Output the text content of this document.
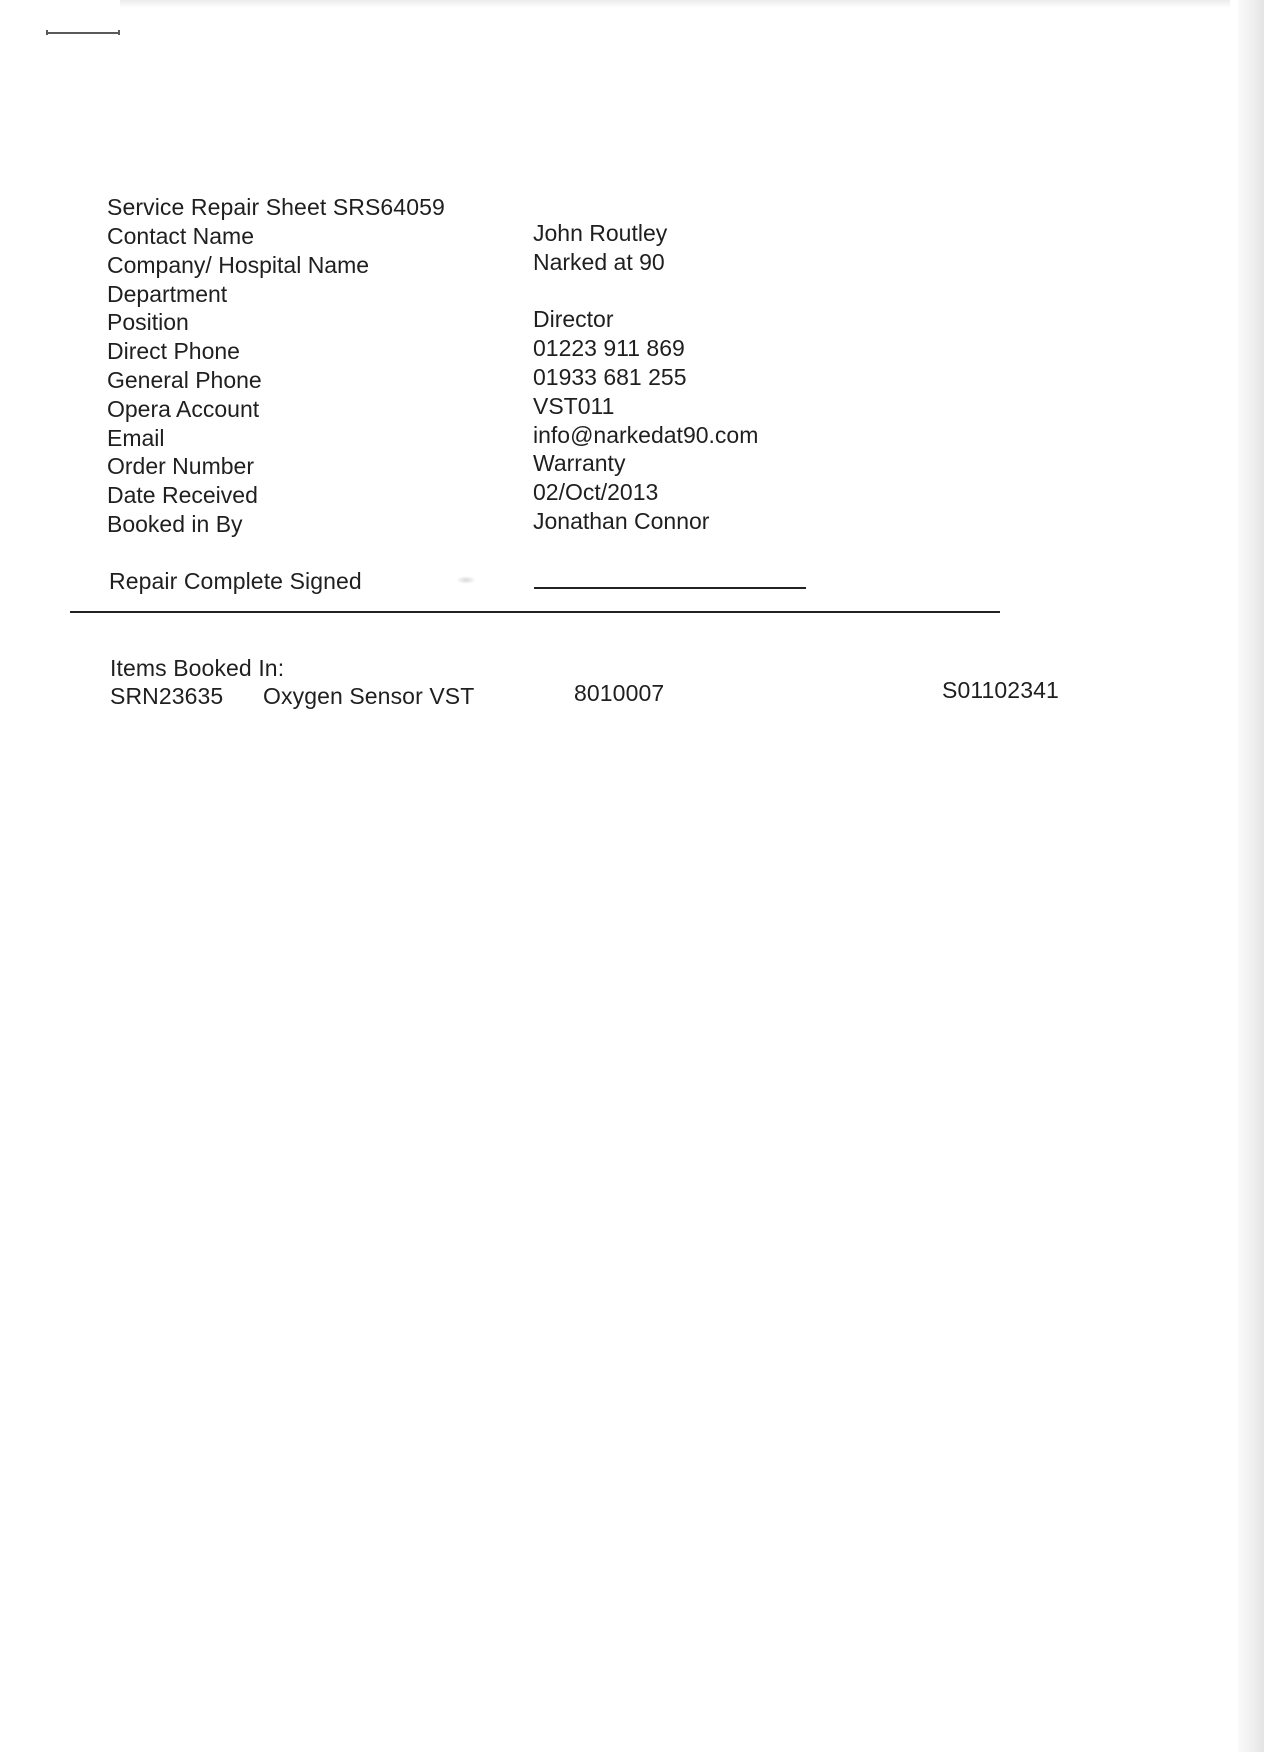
Service Repair Sheet SRS64059
Contact Name
Company/ Hospital Name
Department
Position
Direct Phone
General Phone
Opera Account
Email
Order Number
Date Received
Booked in By
John Routley
Narked at 90
Director
01223 911 869
01933 681 255
VST011
info@narkedat90.com
Warranty
02/Oct/2013
Jonathan Connor
Repair Complete Signed
Items Booked In:
SRN23635 Oxygen Sensor VST	8010007	S01102341
